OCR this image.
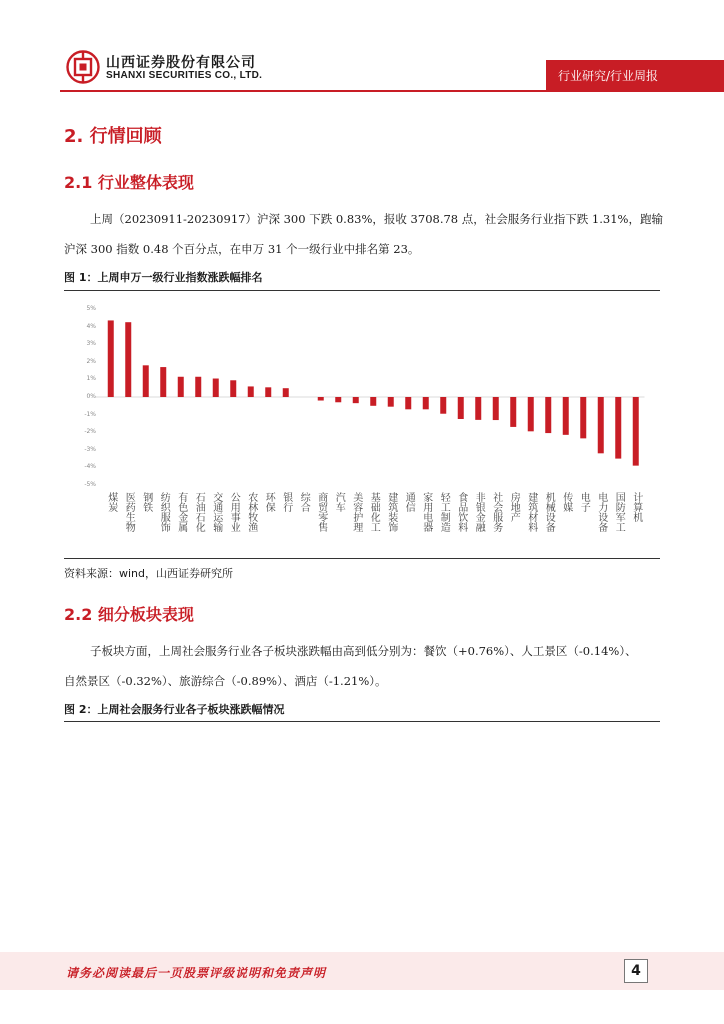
山西证券股份有限公司
SHANXI SECURITIES CO., LTD.	行业研究/行业周报
2. 行情回顾
2.1 行业整体表现
上周（20230911-20230917）沪深 300 下跌 0.83%，报收 3708.78 点，社会服务行业指下跌 1.31%，跑输
沪深 300 指数 0.48 个百分点，在申万 31 个一级行业中排名第 23。
图 1：上周申万一级行业指数涨跌幅排名
5%
4%
3%
2%
1%
0%
-1%
-2%
-3%
-4%
-5%
煤炭 医药生物 钢铁 纺织服饰 有色金属 石油石化 交通运输 公用事业 农林牧渔 环保 银行 综合 商贸零售 汽车 美容护理 基础化工 建筑装饰 通信 家用电器 轻工制造 食品饮料 非银金融 社会服务 房地产 建筑材料 机械设备 传媒 电子 电力设备 国防军工 计算机
资料来源：wind，山西证券研究所
2.2 细分板块表现
子板块方面，上周社会服务行业各子板块涨跌幅由高到低分别为：餐饮（+0.76%）、人工景区（-0.14%）、
自然景区（-0.32%）、旅游综合（-0.89%）、酒店（-1.21%）。
图 2：上周社会服务行业各子板块涨跌幅情况
请务必阅读最后一页股票评级说明和免责声明	4
